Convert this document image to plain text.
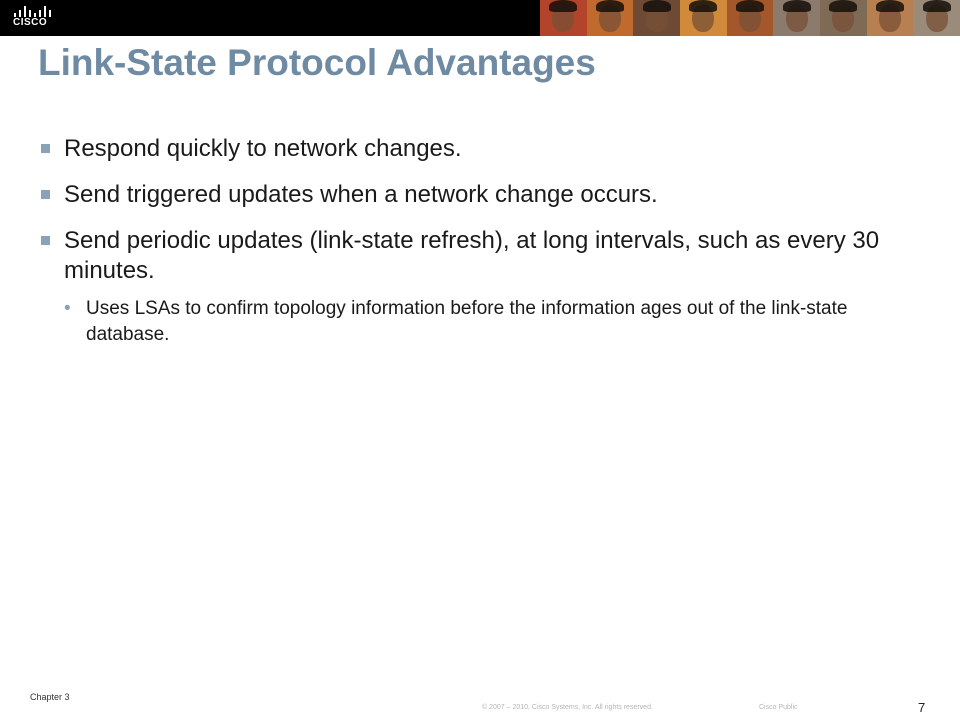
CISCO
Link-State Protocol Advantages
Respond quickly to network changes.
Send triggered updates when a network change occurs.
Send periodic updates (link-state refresh), at long intervals, such as every 30 minutes.
• Uses LSAs to confirm topology information before the information ages out of the link-state database.
Chapter 3
© 2007 – 2010, Cisco Systems, Inc. All rights reserved.	Cisco Public	7
